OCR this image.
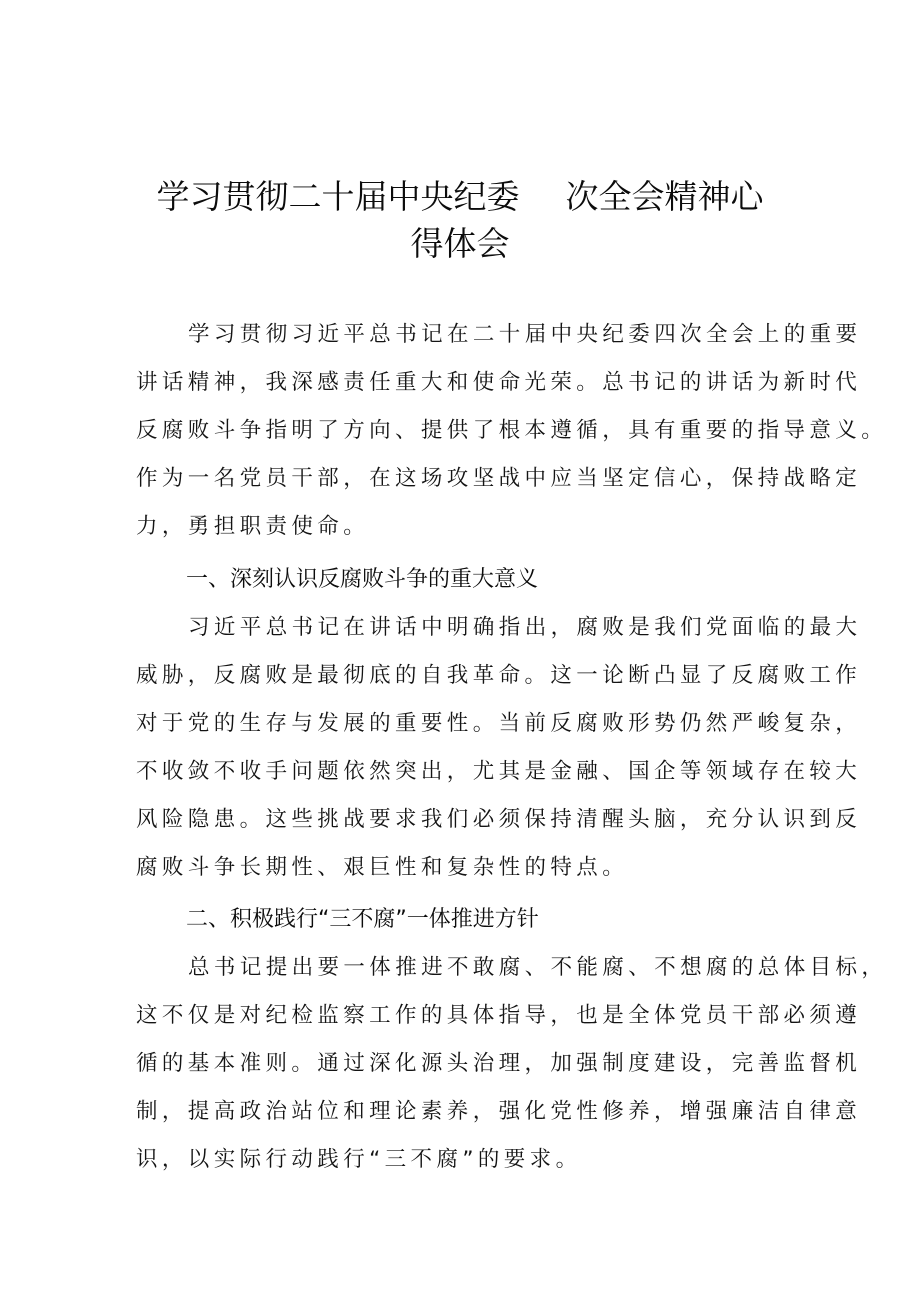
学习贯彻二十届中央纪委 次全会精神心
得体会
学习贯彻习近平总书记在二十届中央纪委四次全会上的重要
讲话精神，我深感责任重大和使命光荣。总书记的讲话为新时代
反腐败斗争指明了方向、提供了根本遵循，具有重要的指导意义。
作为一名党员干部，在这场攻坚战中应当坚定信心，保持战略定
力，勇担职责使命。
一、深刻认识反腐败斗争的重大意义
习近平总书记在讲话中明确指出，腐败是我们党面临的最大
威胁，反腐败是最彻底的自我革命。这一论断凸显了反腐败工作
对于党的生存与发展的重要性。当前反腐败形势仍然严峻复杂，
不收敛不收手问题依然突出，尤其是金融、国企等领域存在较大
风险隐患。这些挑战要求我们必须保持清醒头脑，充分认识到反
腐败斗争长期性、艰巨性和复杂性的特点。
二、积极践行“三不腐”一体推进方针
总书记提出要一体推进不敢腐、不能腐、不想腐的总体目标，
这不仅是对纪检监察工作的具体指导，也是全体党员干部必须遵
循的基本准则。通过深化源头治理，加强制度建设，完善监督机
制，提高政治站位和理论素养，强化党性修养，增强廉洁自律意
识，以实际行动践行“三不腐”的要求。
